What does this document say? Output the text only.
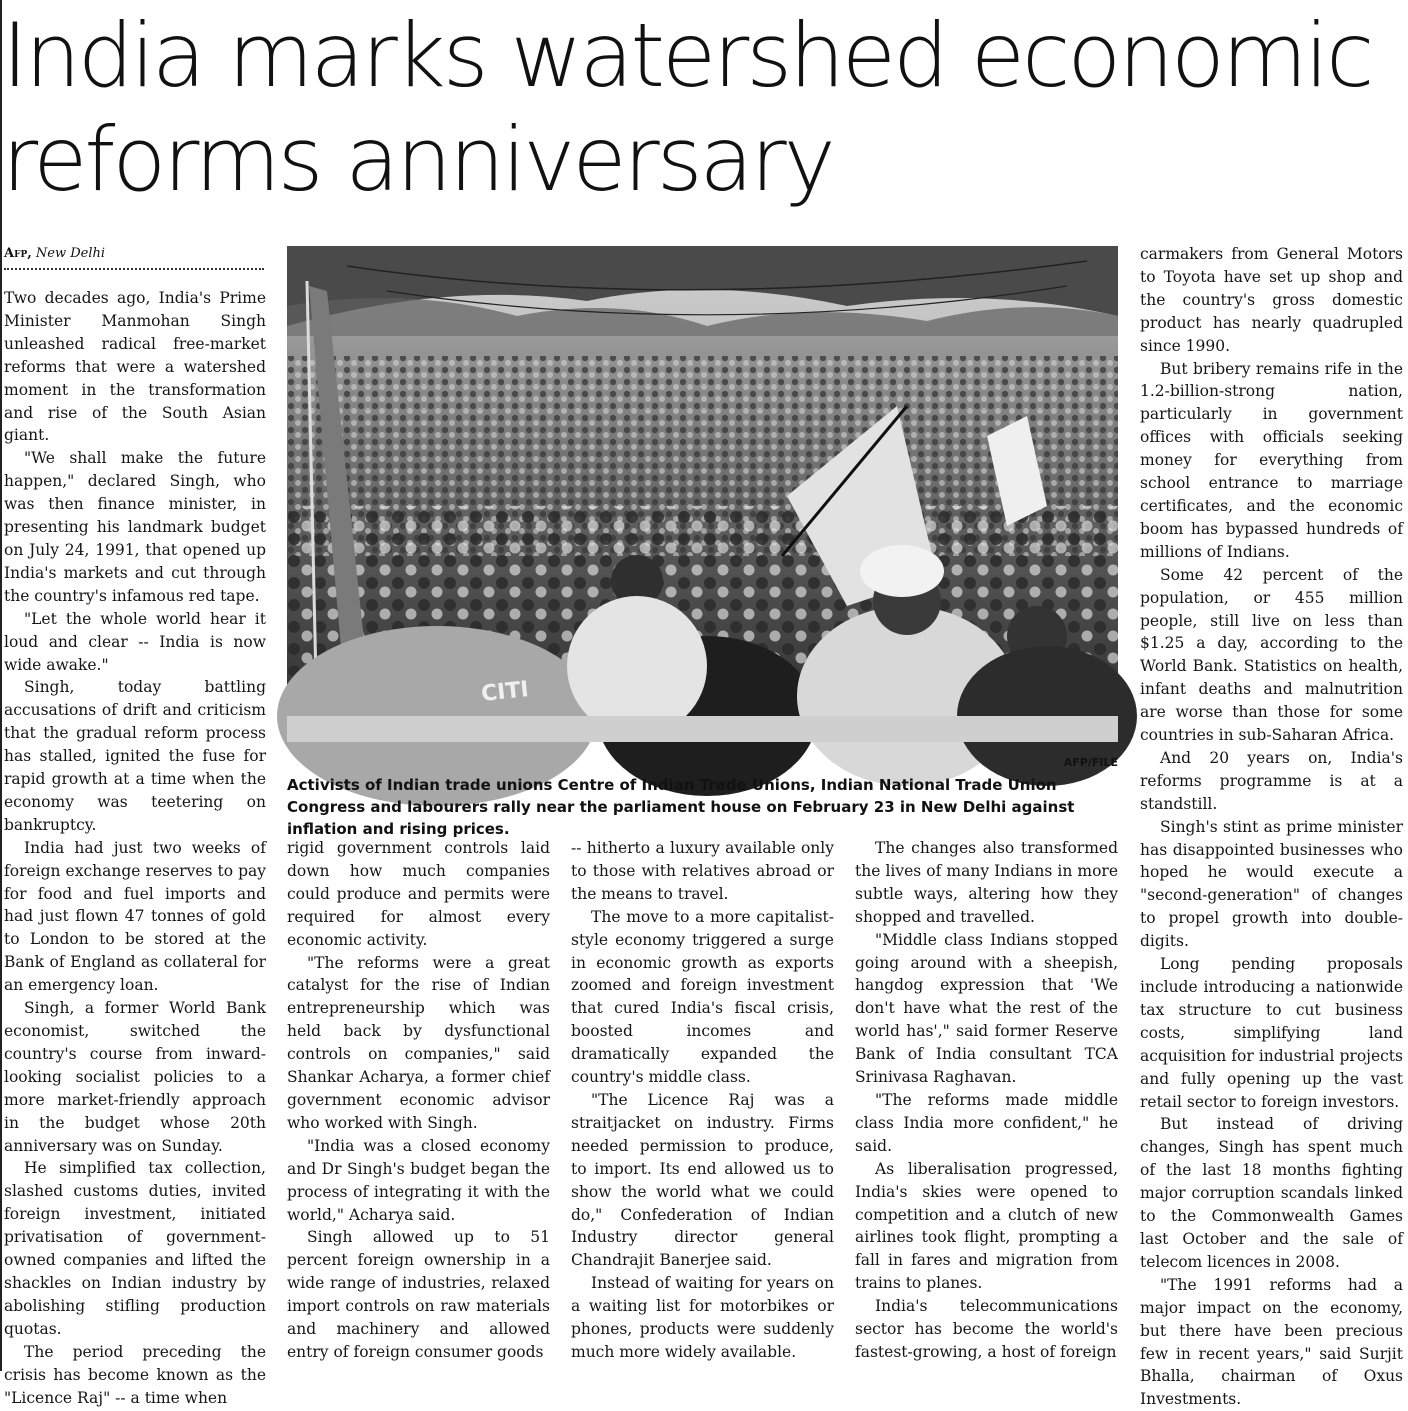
India marks watershed economic reforms anniversary
Afp, New Delhi

Two decades ago, India's Prime Minister Manmohan Singh unleashed radical free-market reforms that were a watershed moment in the transformation and rise of the South Asian giant.

"We shall make the future happen," declared Singh, who was then finance minister, in presenting his landmark budget on July 24, 1991, that opened up India's markets and cut through the country's infamous red tape.

"Let the whole world hear it loud and clear -- India is now wide awake."

Singh, today battling accusations of drift and criticism that the gradual reform process has stalled, ignited the fuse for rapid growth at a time when the economy was teetering on bankruptcy.

India had just two weeks of foreign exchange reserves to pay for food and fuel imports and had just flown 47 tonnes of gold to London to be stored at the Bank of England as collateral for an emergency loan.

Singh, a former World Bank economist, switched the country's course from inward-looking socialist policies to a more market-friendly approach in the budget whose 20th anniversary was on Sunday.

He simplified tax collection, slashed customs duties, invited foreign investment, initiated privatisation of government-owned companies and lifted the shackles on Indian industry by abolishing stifling production quotas.

The period preceding the crisis has become known as the "Licence Raj" -- a time when

CITI
AFP/FILE
Activists of Indian trade unions Centre of Indian Trade Unions, Indian National Trade Union Congress and labourers rally near the parliament house on February 23 in New Delhi against inflation and rising prices.

rigid government controls laid down how much companies could produce and permits were required for almost every economic activity.

"The reforms were a great catalyst for the rise of Indian entrepreneurship which was held back by dysfunctional controls on companies," said Shankar Acharya, a former chief government economic advisor who worked with Singh.

"India was a closed economy and Dr Singh's budget began the process of integrating it with the world," Acharya said.

Singh allowed up to 51 percent foreign ownership in a wide range of industries, relaxed import controls on raw materials and machinery and allowed entry of foreign consumer goods

-- hitherto a luxury available only to those with relatives abroad or the means to travel.

The move to a more capitalist-style economy triggered a surge in economic growth as exports zoomed and foreign investment that cured India's fiscal crisis, boosted incomes and dramatically expanded the country's middle class.

"The Licence Raj was a straitjacket on industry. Firms needed permission to produce, to import. Its end allowed us to show the world what we could do," Confederation of Indian Industry director general Chandrajit Banerjee said.

Instead of waiting for years on a waiting list for motorbikes or phones, products were suddenly much more widely available.

The changes also transformed the lives of many Indians in more subtle ways, altering how they shopped and travelled.

"Middle class Indians stopped going around with a sheepish, hangdog expression that 'We don't have what the rest of the world has'," said former Reserve Bank of India consultant TCA Srinivasa Raghavan.

"The reforms made middle class India more confident," he said.

As liberalisation progressed, India's skies were opened to competition and a clutch of new airlines took flight, prompting a fall in fares and migration from trains to planes.

India's telecommunications sector has become the world's fastest-growing, a host of foreign

carmakers from General Motors to Toyota have set up shop and the country's gross domestic product has nearly quadrupled since 1990.

But bribery remains rife in the 1.2-billion-strong nation, particularly in government offices with officials seeking money for everything from school entrance to marriage certificates, and the economic boom has bypassed hundreds of millions of Indians.

Some 42 percent of the population, or 455 million people, still live on less than $1.25 a day, according to the World Bank. Statistics on health, infant deaths and malnutrition are worse than those for some countries in sub-Saharan Africa.

And 20 years on, India's reforms programme is at a standstill.

Singh's stint as prime minister has disappointed businesses who hoped he would execute a "second-generation" of changes to propel growth into double-digits.

Long pending proposals include introducing a nationwide tax structure to cut business costs, simplifying land acquisition for industrial projects and fully opening up the vast retail sector to foreign investors.

But instead of driving changes, Singh has spent much of the last 18 months fighting major corruption scandals linked to the Commonwealth Games last October and the sale of telecom licences in 2008.

"The 1991 reforms had a major impact on the economy, but there have been precious few in recent years," said Surjit Bhalla, chairman of Oxus Investments.
